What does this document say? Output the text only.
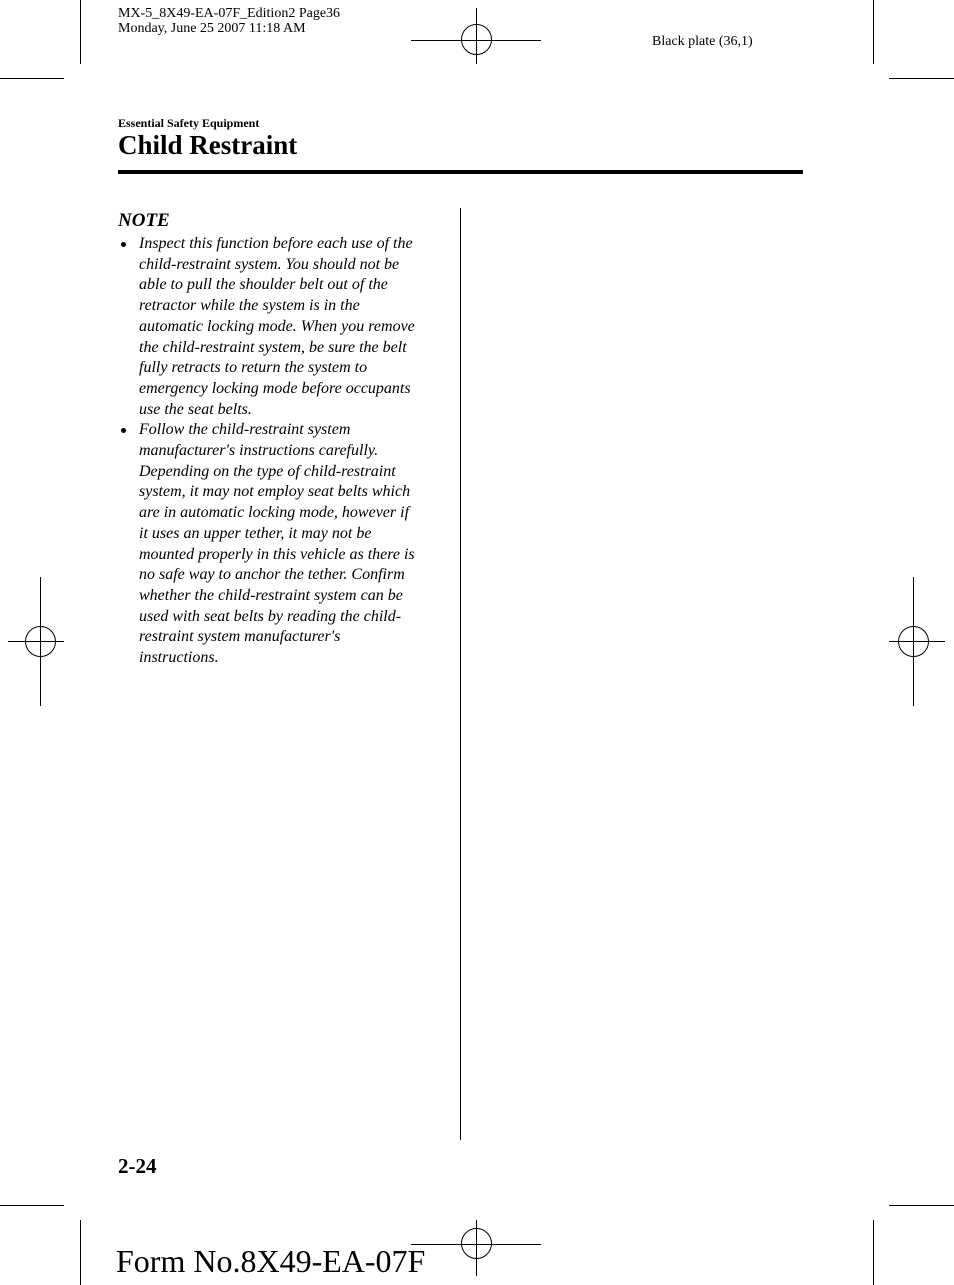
MX-5_8X49-EA-07F_Edition2 Page36
Monday, June 25 2007 11:18 AM
Black plate (36,1)
Essential Safety Equipment
Child Restraint
NOTE
Inspect this function before each use of the
child-restraint system. You should not be
able to pull the shoulder belt out of the
retractor while the system is in the
automatic locking mode. When you remove
the child-restraint system, be sure the belt
fully retracts to return the system to
emergency locking mode before occupants
use the seat belts.
Follow the child-restraint system
manufacturer's instructions carefully.
Depending on the type of child-restraint
system, it may not employ seat belts which
are in automatic locking mode, however if
it uses an upper tether, it may not be
mounted properly in this vehicle as there is
no safe way to anchor the tether. Confirm
whether the child-restraint system can be
used with seat belts by reading the child-
restraint system manufacturer's
instructions.
2-24
Form No.8X49-EA-07F
